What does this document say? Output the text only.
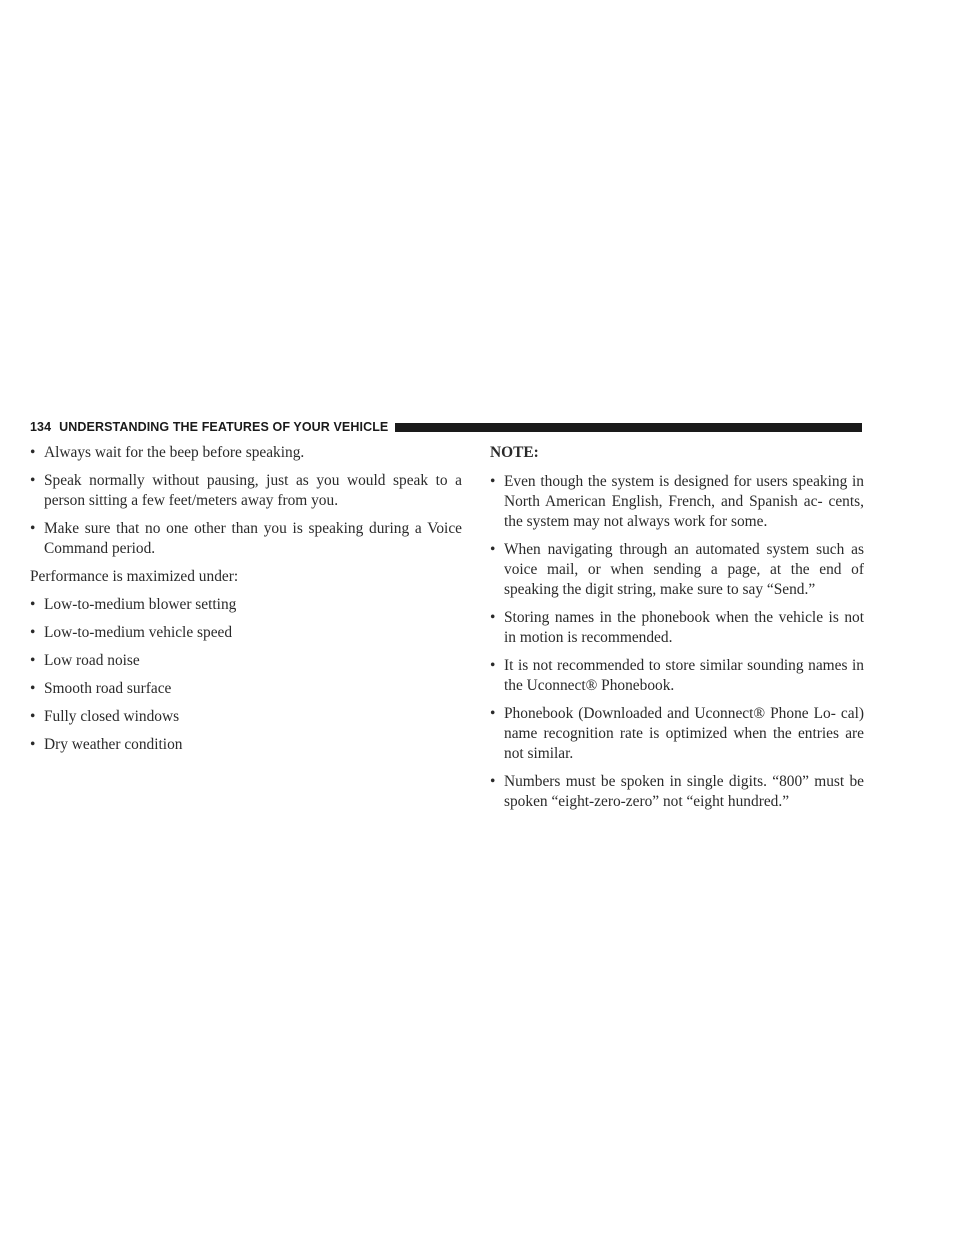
134 UNDERSTANDING THE FEATURES OF YOUR VEHICLE

• Always wait for the beep before speaking.

• Speak normally without pausing, just as you would speak to a person sitting a few feet/meters away from you.

• Make sure that no one other than you is speaking during a Voice Command period.

Performance is maximized under:

• Low-to-medium blower setting

• Low-to-medium vehicle speed

• Low road noise

• Smooth road surface

• Fully closed windows

• Dry weather condition

NOTE:

• Even though the system is designed for users speaking in North American English, French, and Spanish ac- cents, the system may not always work for some.

• When navigating through an automated system such as voice mail, or when sending a page, at the end of speaking the digit string, make sure to say “Send.”

• Storing names in the phonebook when the vehicle is not in motion is recommended.

• It is not recommended to store similar sounding names in the Uconnect® Phonebook.

• Phonebook (Downloaded and Uconnect® Phone Lo- cal) name recognition rate is optimized when the entries are not similar.

• Numbers must be spoken in single digits. “800” must be spoken “eight-zero-zero” not “eight hundred.”
